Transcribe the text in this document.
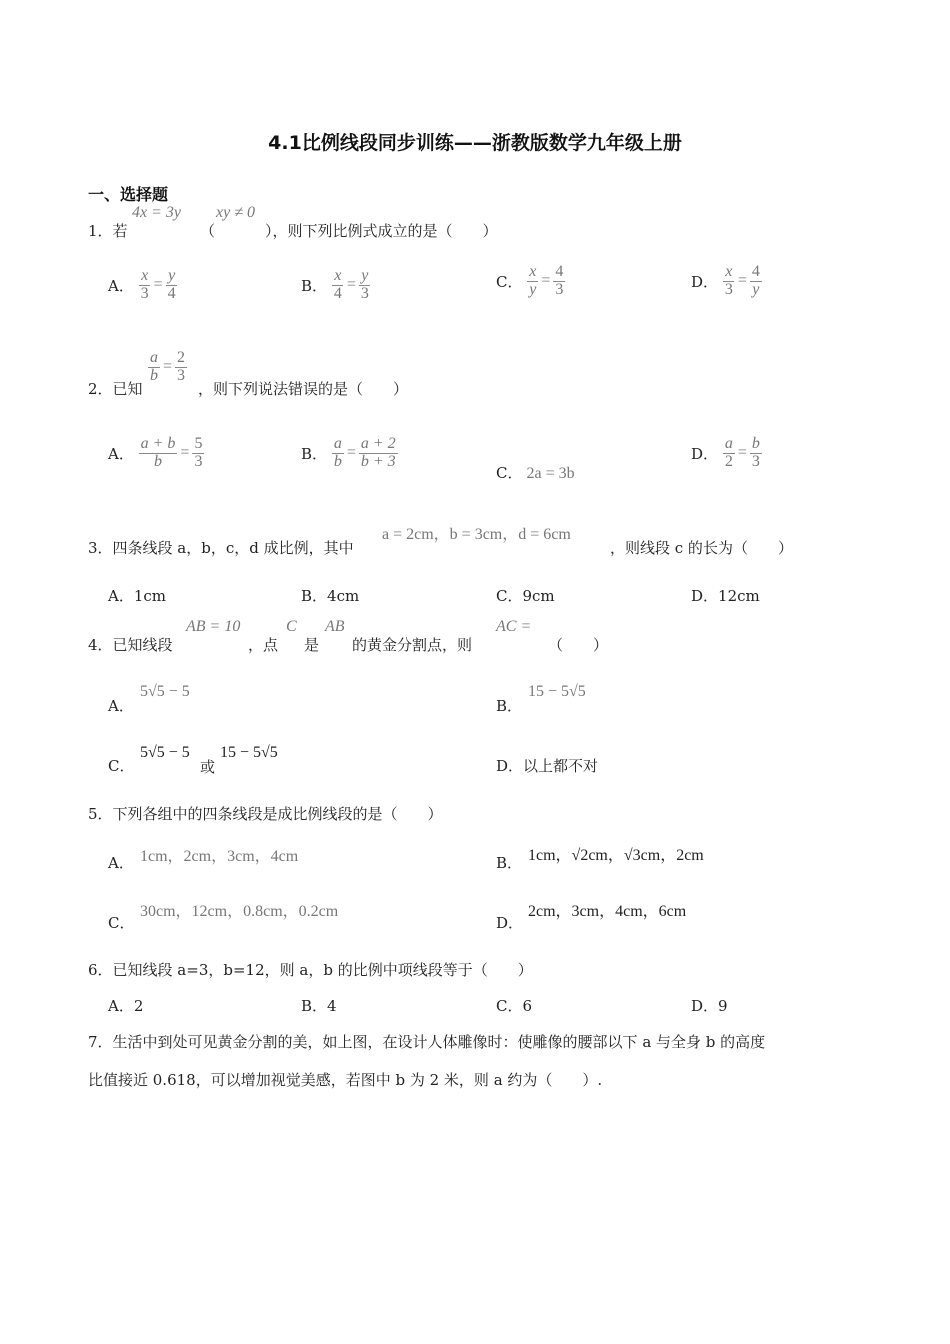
4.1比例线段同步训练——浙教版数学九年级上册
一、选择题
1．若
4x = 3y
（
xy ≠ 0
），则下列比例式成立的是（　　）
A． $\frac{x}{3} = \frac{y}{4}$	B． $\frac{x}{4} = \frac{y}{3}$	C． $\frac{x}{y} = \frac{4}{3}$	D． $\frac{x}{3} = \frac{4}{y}$
2．已知
$\frac{a}{b} = \frac{2}{3}$
，则下列说法错误的是（　　）
A． $\frac{a + b}{b} = \frac{5}{3}$	B． $\frac{a}{b} = \frac{a + 2}{b + 3}$
C． 2a = 3b
D． $\frac{a}{2} = \frac{b}{3}$
3．四条线段 a，b，c，d 成比例，其中
a = 2cm，b = 3cm，d = 6cm
，则线段 c 的长为（　　）
A．1cm	B．4cm	C．9cm	D．12cm
4．已知线段
AB = 10
，点
C
是
AB
的黄金分割点，则
AC =
（　　）
A．
5√5 − 5
B．
15 − 5√5
C．
5√5 − 5
或
15 − 5√5
D．以上都不对
5．下列各组中的四条线段是成比例线段的是（　　）
A． 1cm，2cm，3cm，4cm	B． 1cm，√2cm，√3cm，2cm
C．
30cm，12cm，0.8cm，0.2cm
D．
2cm，3cm，4cm，6cm
6．已知线段 a=3，b=12，则 a，b 的比例中项线段等于（　　）
A．2	B．4	C．6	D．9
7．生活中到处可见黄金分割的美，如上图，在设计人体雕像时：使雕像的腰部以下 a 与全身 b 的高度
比值接近 0.618，可以增加视觉美感，若图中 b 为 2 米，则 a 约为（　　）.
